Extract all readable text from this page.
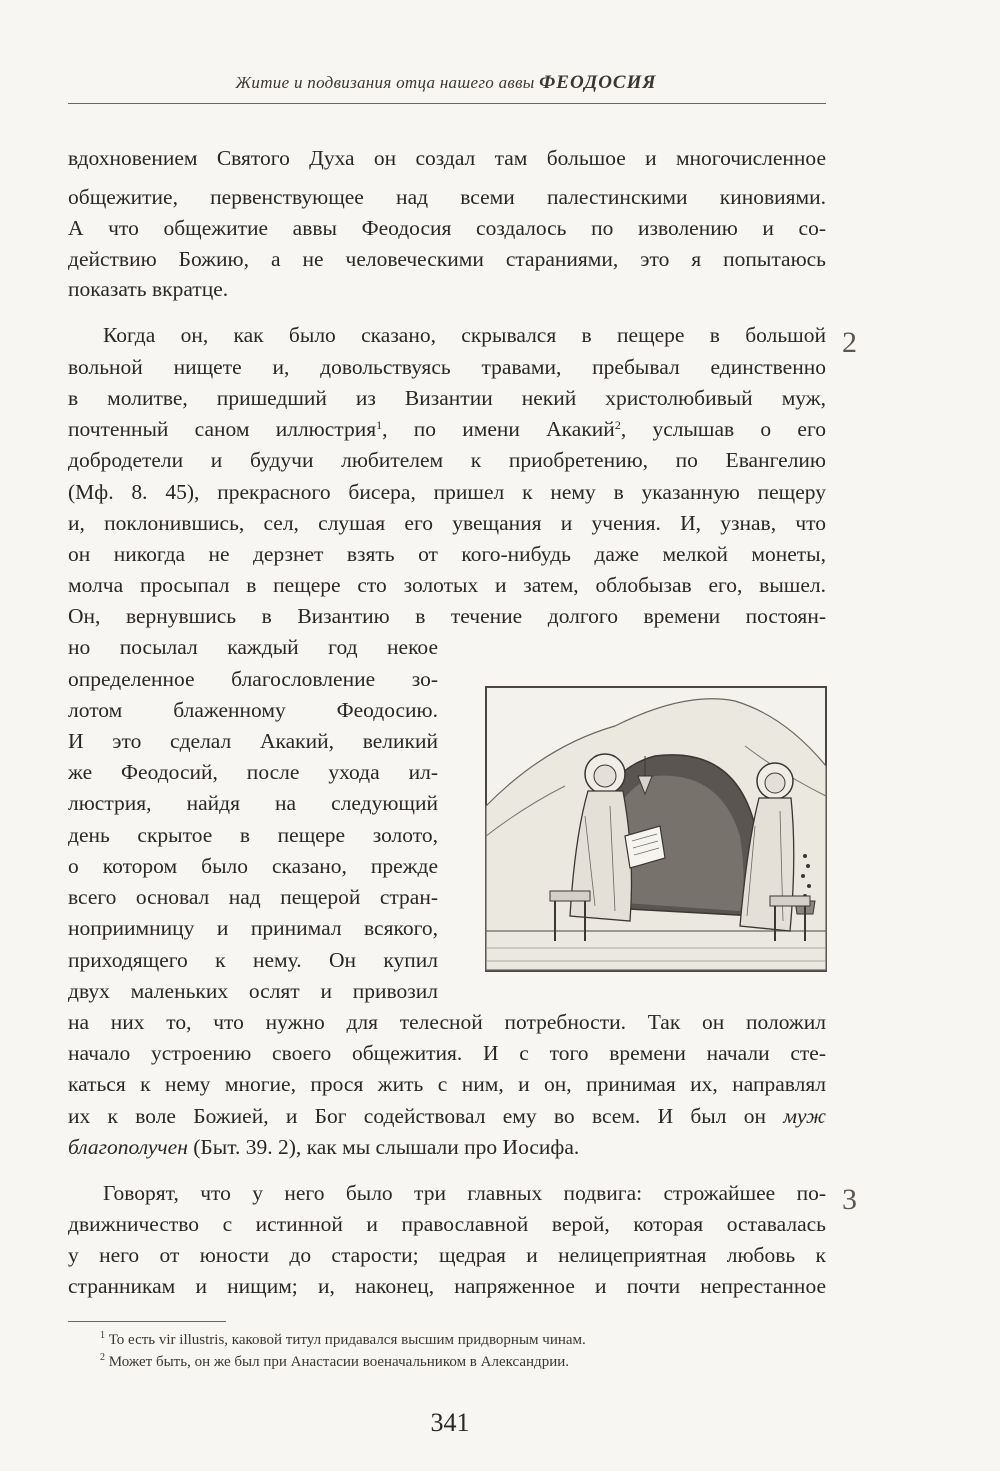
Житие и подвизания отца нашего аввы ФЕОДОСИЯ
2
3
вдохновением Святого Духа он создал там большое и многочисленное
общежитие, первенствующее над всеми палестинскими киновиями.
А что общежитие аввы Феодосия создалось по изволению и со-
действию Божию, а не человеческими стараниями, это я попытаюсь
показать вкратце.
Когда он, как было сказано, скрывался в пещере в большой
вольной нищете и, довольствуясь травами, пребывал единственно
в молитве, пришедший из Византии некий христолюбивый муж,
почтенный саном иллюстрия$^1$, по имени Акакий$^2$, услышав о его
добродетели и будучи любителем к приобретению, по Евангелию
(Мф. 8. 45), прекрасного бисера, пришел к нему в указанную пещеру
и, поклонившись, сел, слушая его увещания и учения. И, узнав, что
он никогда не дерзнет взять от кого-нибудь даже мелкой монеты,
молча просыпал в пещере сто золотых и затем, облобызав его, вышел.
Он, вернувшись в Византию в течение долгого времени постоян-
но посылал каждый год некое
определенное благословление зо-
лотом блаженному Феодосию.
И это сделал Акакий, великий
же Феодосий, после ухода ил-
люстрия, найдя на следующий
день скрытое в пещере золото,
о котором было сказано, прежде
всего основал над пещерой стран-
ноприимницу и принимал всякого,
приходящего к нему. Он купил
двух маленьких ослят и привозил
на них то, что нужно для телесной потребности. Так он положил
начало устроению своего общежития. И с того времени начали сте-
каться к нему многие, прося жить с ним, и он, принимая их, направлял
их к воле Божией, и Бог содействовал ему во всем. И был он муж
благополучен (Быт. 39. 2), как мы слышали про Иосифа.
Говорят, что у него было три главных подвига: строжайшее по-
движничество с истинной и православной верой, которая оставалась
у него от юности до старости; щедрая и нелицеприятная любовь к
странникам и нищим; и, наконец, напряженное и почти непрестанное
$^1$ То есть vir illustris, каковой титул придавался высшим придворным чинам.
$^2$ Может быть, он же был при Анастасии военачальником в Александрии.
341
